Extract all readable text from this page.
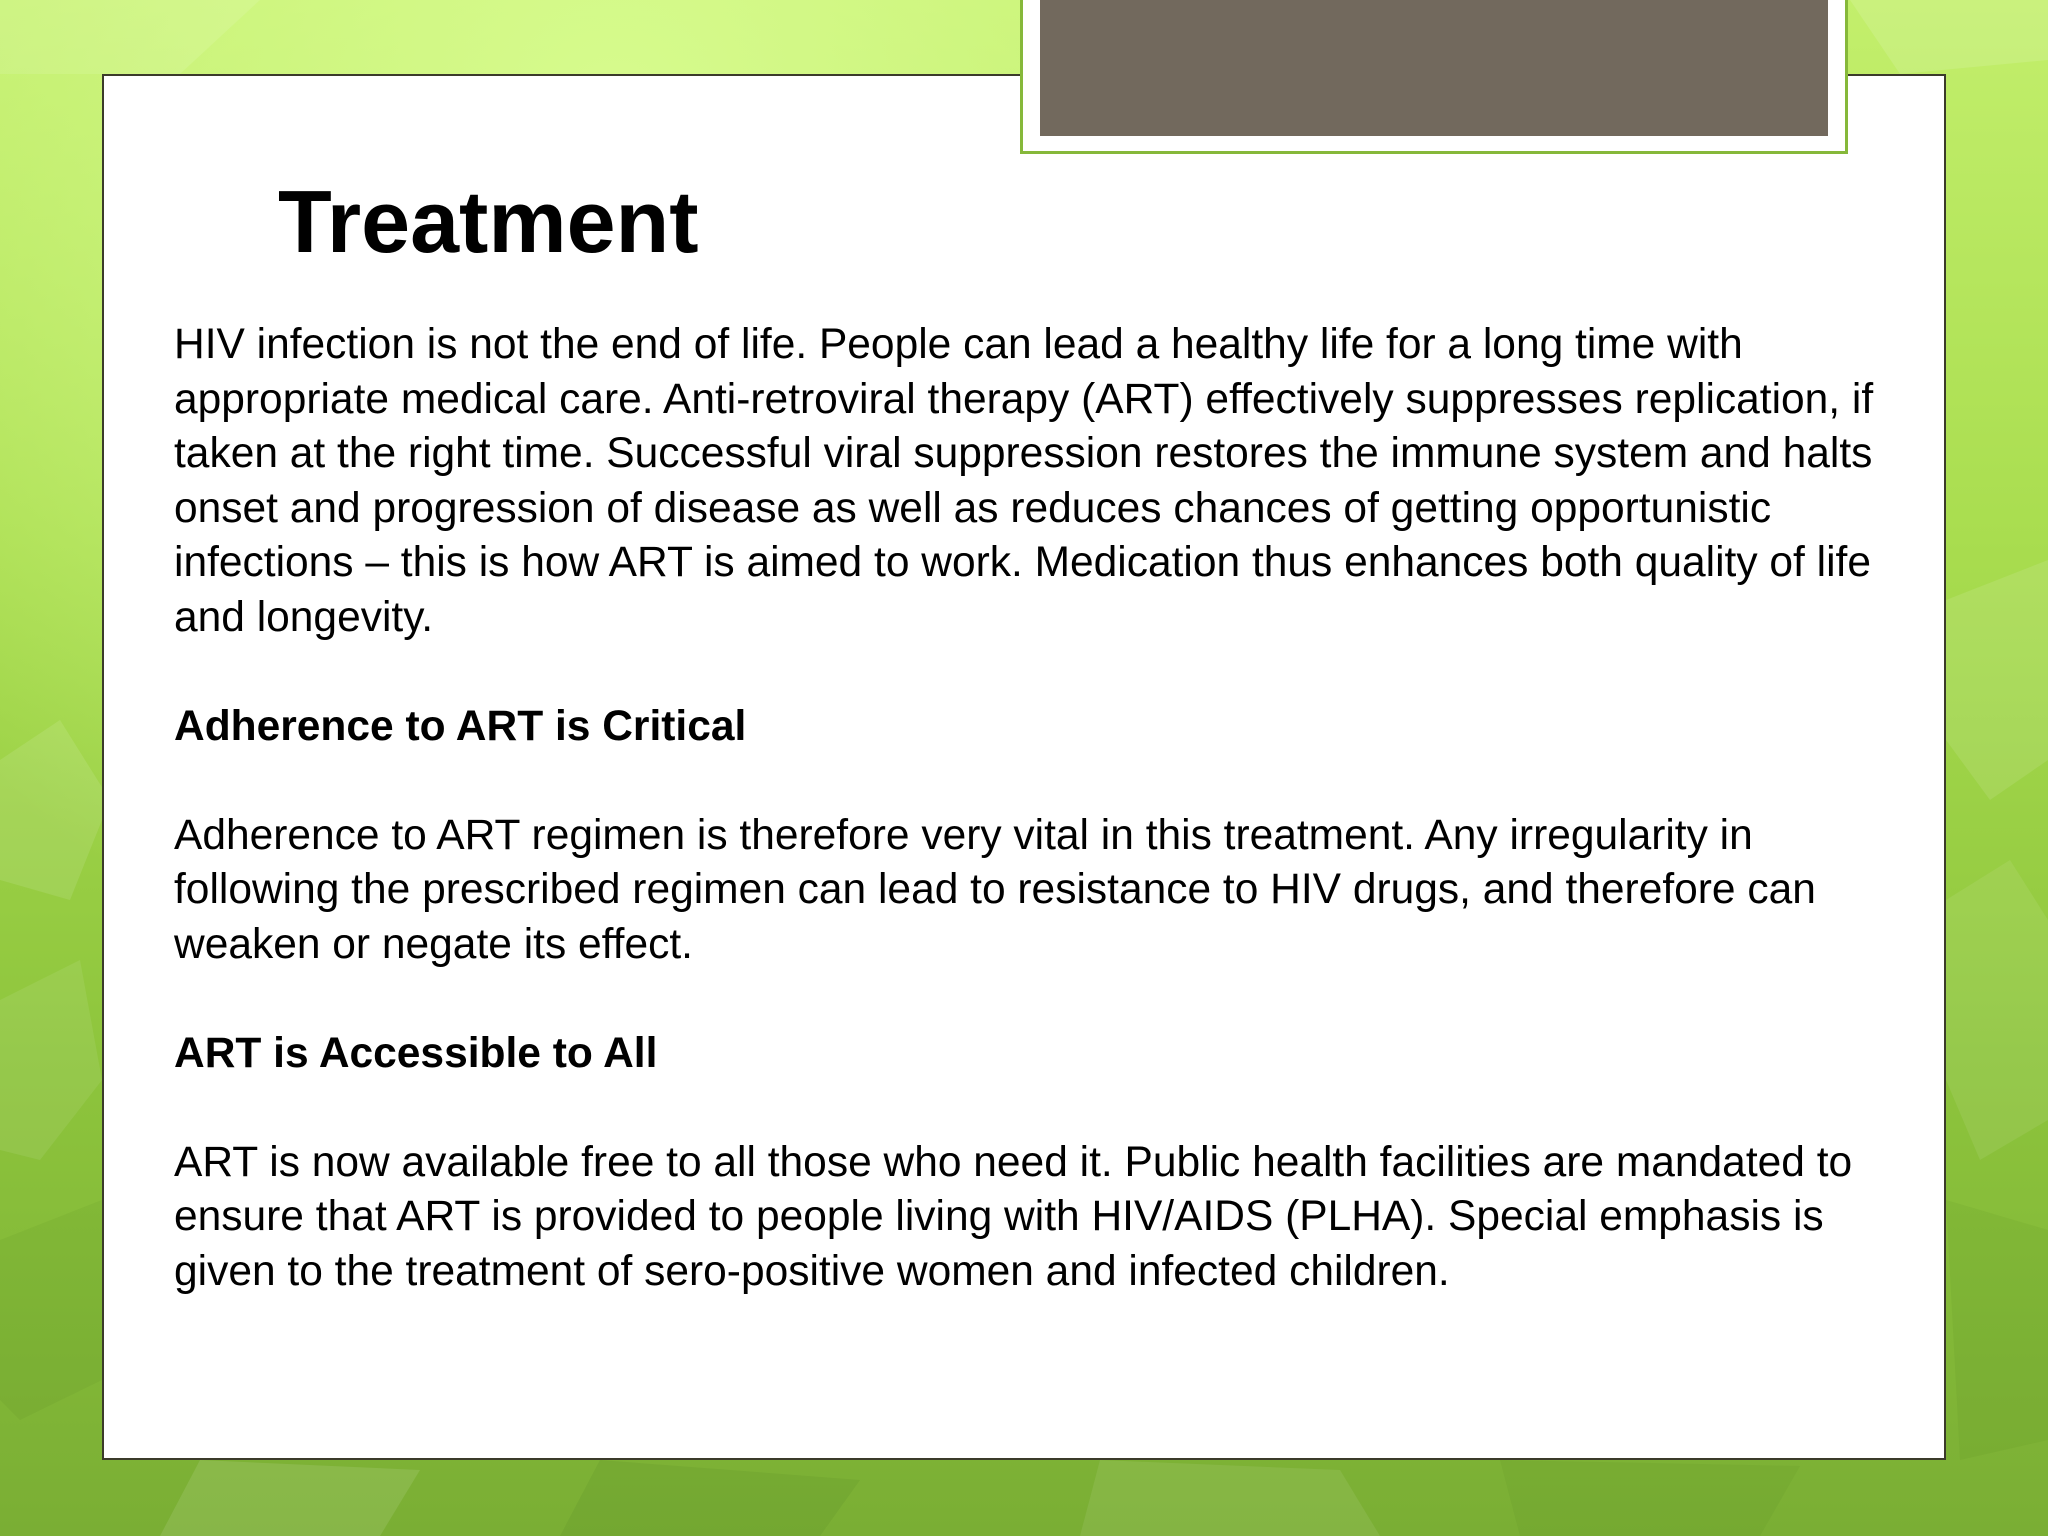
Treatment

HIV infection is not the end of life. People can lead a healthy life for a long time with appropriate medical care. Anti-retroviral therapy (ART) effectively suppresses replication, if taken at the right time. Successful viral suppression restores the immune system and halts onset and progression of disease as well as reduces chances of getting opportunistic infections – this is how ART is aimed to work. Medication thus enhances both quality of life and longevity.

Adherence to ART is Critical

Adherence to ART regimen is therefore very vital in this treatment. Any irregularity in following the prescribed regimen can lead to resistance to HIV drugs, and therefore can weaken or negate its effect.

ART is Accessible to All

ART is now available free to all those who need it. Public health facilities are mandated to ensure that ART is provided to people living with HIV/AIDS (PLHA). Special emphasis is given to the treatment of sero-positive women and infected children.
